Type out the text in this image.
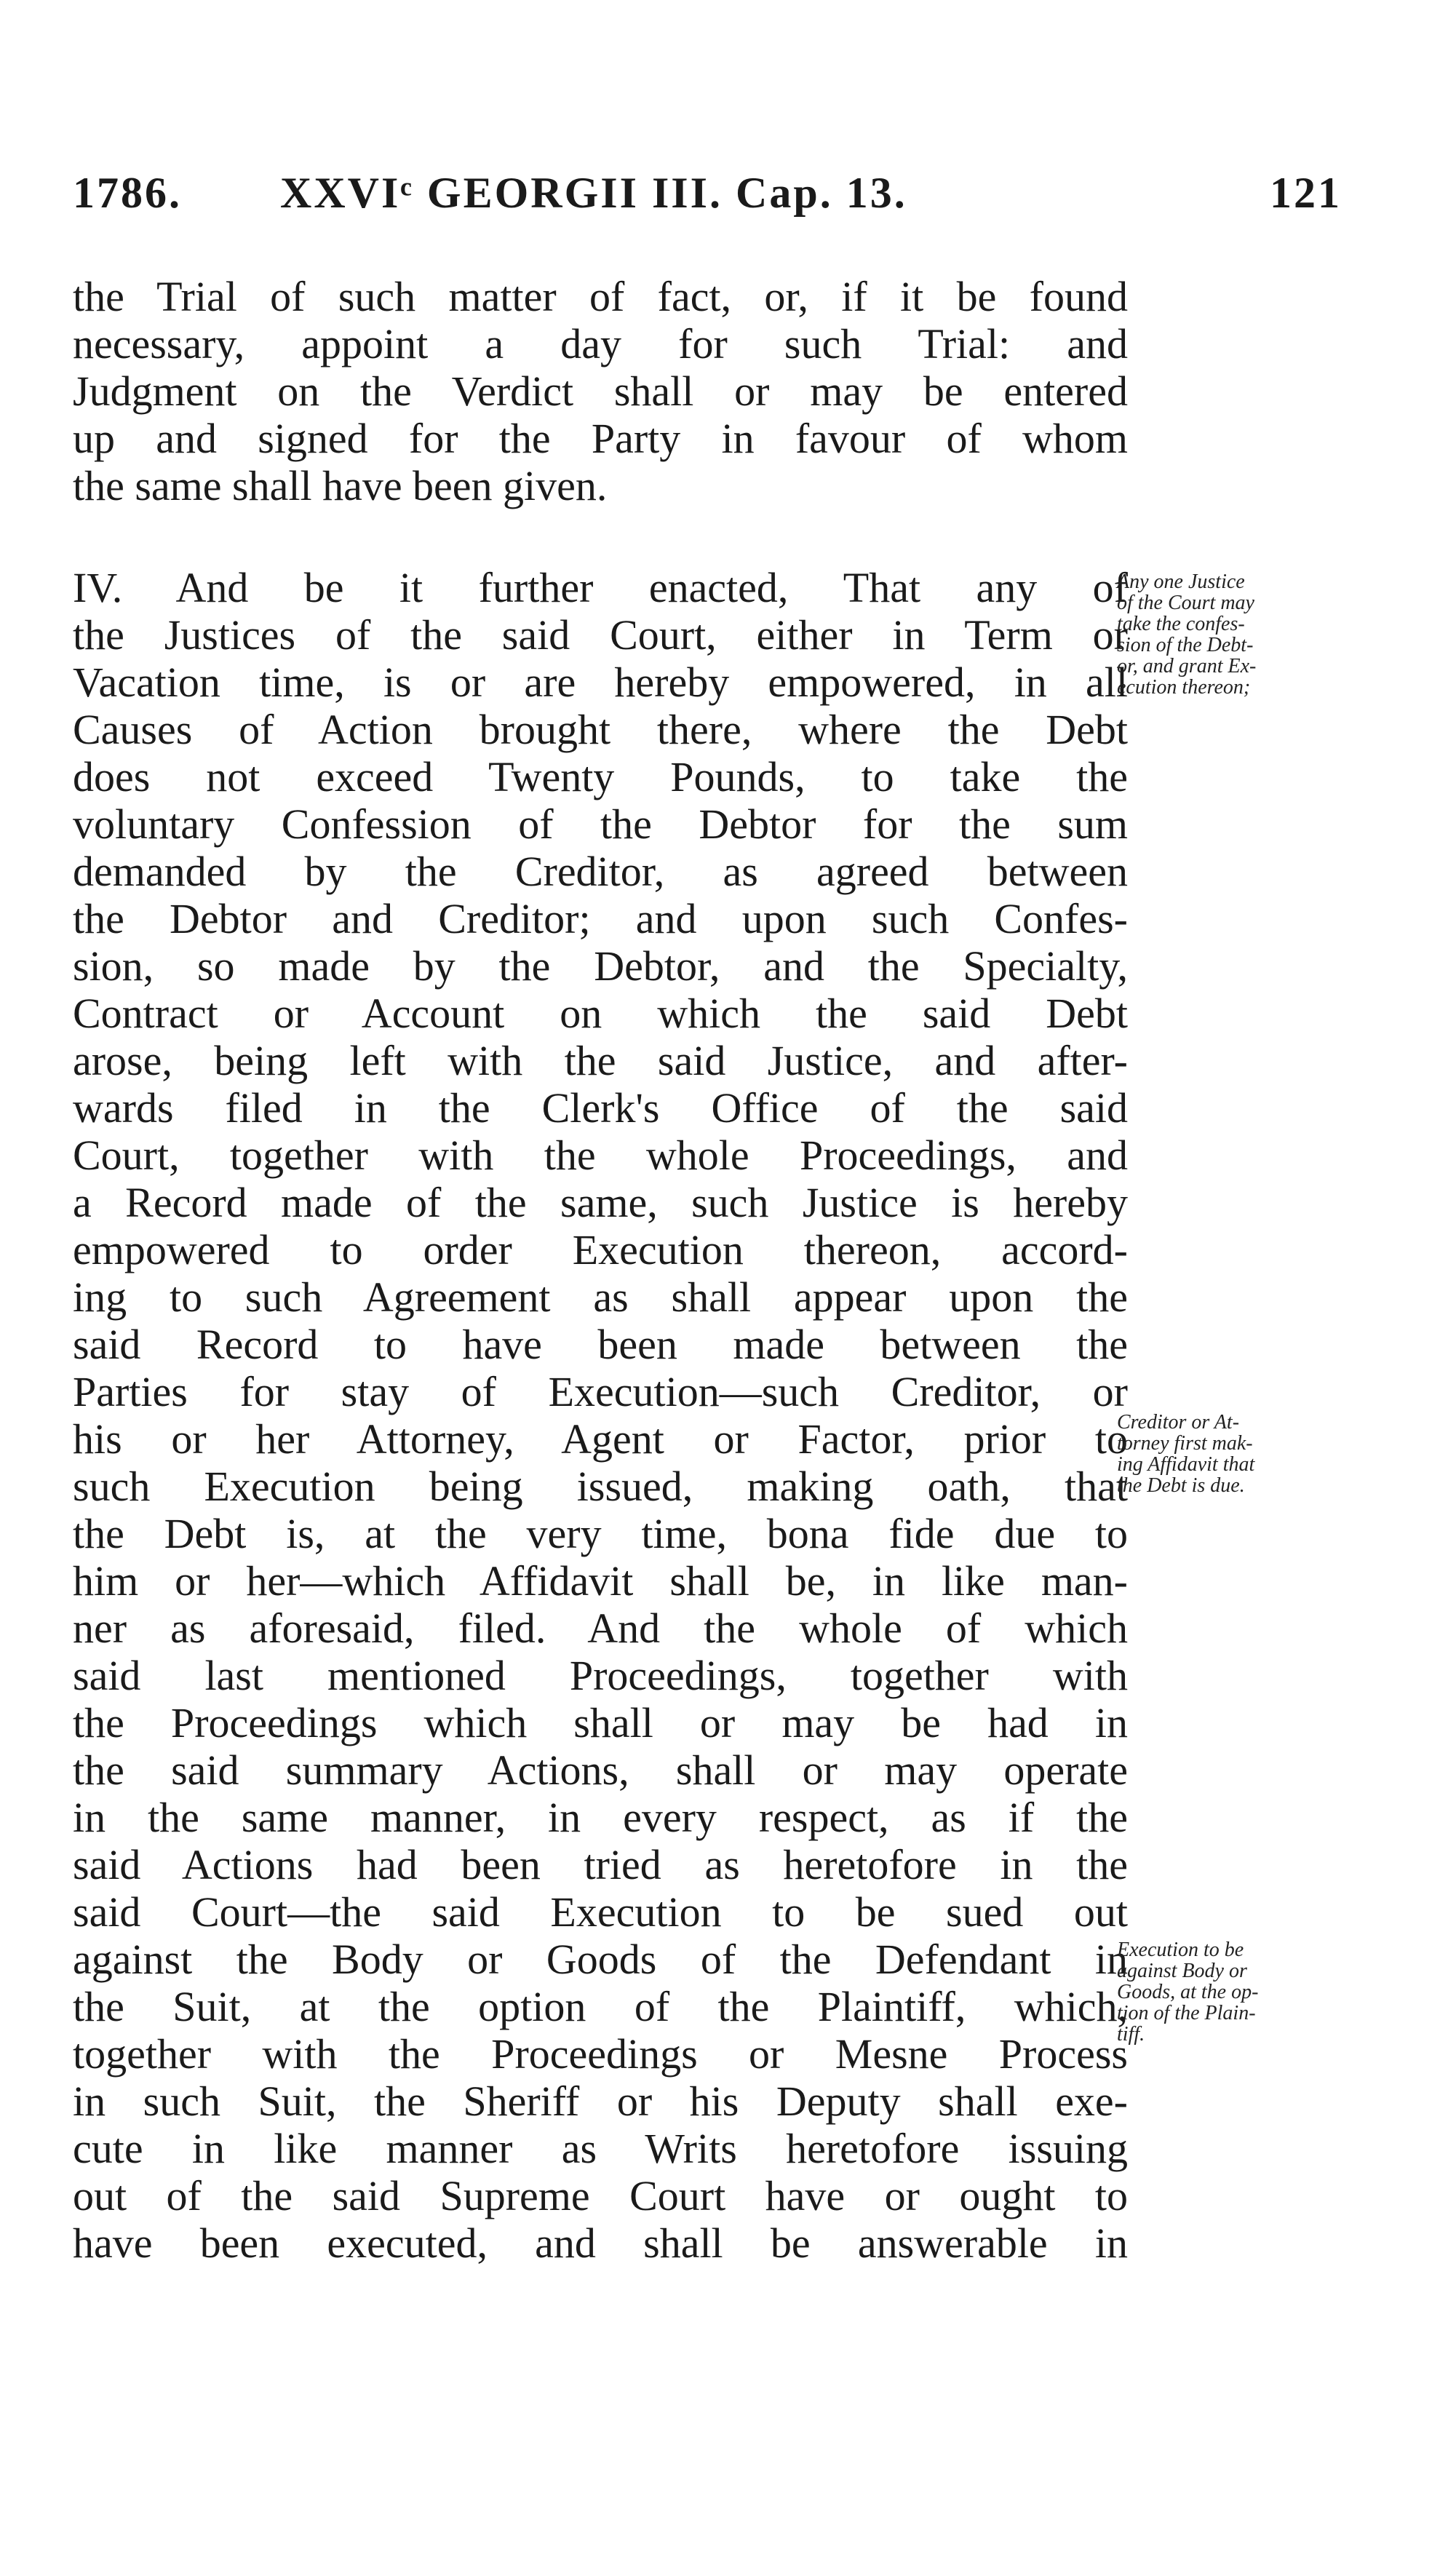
1786. XXVIᶜ GEORGII III. Cap. 13.	121
the Trial of such matter of fact, or, if it be found
necessary, appoint a day for such Trial: and
Judgment on the Verdict shall or may be entered
up and signed for the Party in favour of whom
the same shall have been given.
IV. And be it further enacted, That any of
the Justices of the said Court, either in Term or
Vacation time, is or are hereby empowered, in all
Causes of Action brought there, where the Debt
does not exceed Twenty Pounds, to take the
voluntary Confession of the Debtor for the sum
demanded by the Creditor, as agreed between
the Debtor and Creditor; and upon such Confes-
sion, so made by the Debtor, and the Specialty,
Contract or Account on which the said Debt
arose, being left with the said Justice, and after-
wards filed in the Clerk's Office of the said
Court, together with the whole Proceedings, and
a Record made of the same, such Justice is hereby
empowered to order Execution thereon, accord-
ing to such Agreement as shall appear upon the
said Record to have been made between the
Parties for stay of Execution—such Creditor, or
his or her Attorney, Agent or Factor, prior to
such Execution being issued, making oath, that
the Debt is, at the very time, bona fide due to
him or her—which Affidavit shall be, in like man-
ner as aforesaid, filed. And the whole of which
said last mentioned Proceedings, together with
the Proceedings which shall or may be had in
the said summary Actions, shall or may operate
in the same manner, in every respect, as if the
said Actions had been tried as heretofore in the
said Court—the said Execution to be sued out
against the Body or Goods of the Defendant in
the Suit, at the option of the Plaintiff, which,
together with the Proceedings or Mesne Process
in such Suit, the Sheriff or his Deputy shall exe-
cute in like manner as Writs heretofore issuing
out of the said Supreme Court have or ought to
have been executed, and shall be answerable in
Any one Justice
of the Court may
take the confes-
sion of the Debt-
or, and grant Ex-
ecution thereon;
Creditor or At-
torney first mak-
ing Affidavit that
the Debt is due.
Execution to be
against Body or
Goods, at the op-
tion of the Plain-
tiff.
